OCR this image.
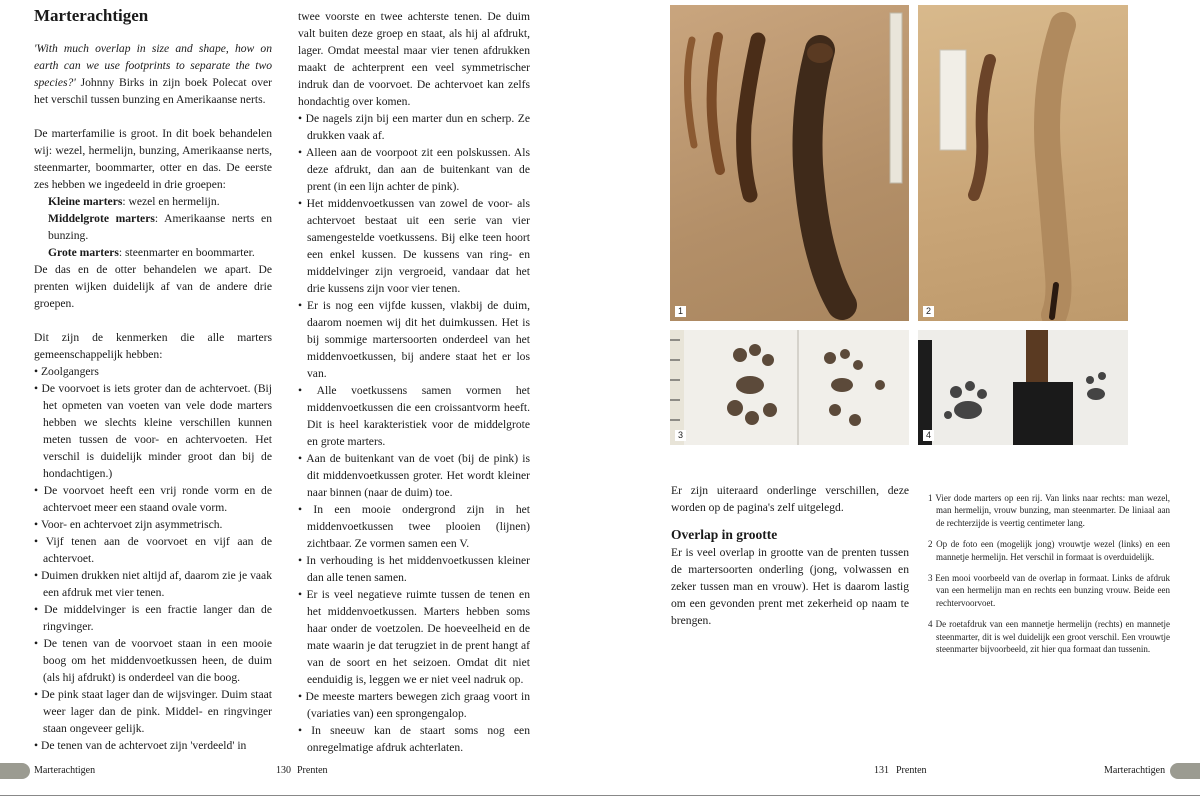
Marterachtigen

'With much overlap in size and shape, how on earth can we use footprints to separate the two species?' Johnny Birks in zijn boek Polecat over het verschil tussen bunzing en Amerikaanse nerts.

De marterfamilie is groot. In dit boek behandelen wij: wezel, hermelijn, bunzing, Amerikaanse nerts, steenmarter, boommarter, otter en das. De eerste zes hebben we ingedeeld in drie groepen:

Kleine marters: wezel en hermelijn.

Middelgrote marters: Amerikaanse nerts en bunzing.

Grote marters: steenmarter en boommarter.

De das en de otter behandelen we apart. De prenten wijken duidelijk af van de andere drie groepen.

Dit zijn de kenmerken die alle marters gemeenschappelijk hebben:

• Zoolgangers

• De voorvoet is iets groter dan de achtervoet. (Bij het opmeten van voeten van vele dode marters hebben we slechts kleine verschillen kunnen meten tussen de voor- en achtervoeten. Het verschil is duidelijk minder groot dan bij de hondachtigen.)

• De voorvoet heeft een vrij ronde vorm en de achtervoet meer een staand ovale vorm.

• Voor- en achtervoet zijn asymmetrisch.

• Vijf tenen aan de voorvoet en vijf aan de achtervoet.

• Duimen drukken niet altijd af, daarom zie je vaak een afdruk met vier tenen.

• De middelvinger is een fractie langer dan de ringvinger.

• De tenen van de voorvoet staan in een mooie boog om het middenvoetkussen heen, de duim (als hij afdrukt) is onderdeel van die boog.

• De pink staat lager dan de wijsvinger. Duim staat weer lager dan de pink. Middel- en ringvinger staan ongeveer gelijk.

• De tenen van de achtervoet zijn 'verdeeld' in

twee voorste en twee achterste tenen. De duim valt buiten deze groep en staat, als hij al afdrukt, lager. Omdat meestal maar vier tenen afdrukken maakt de achterprent een veel symmetrischer indruk dan de voorvoet. De achtervoet kan zelfs hondachtig over komen.

• De nagels zijn bij een marter dun en scherp. Ze drukken vaak af.

• Alleen aan de voorpoot zit een polskussen. Als deze afdrukt, dan aan de buitenkant van de prent (in een lijn achter de pink).

• Het middenvoetkussen van zowel de voor- als achtervoet bestaat uit een serie van vier samengestelde voetkussens. Bij elke teen hoort een enkel kussen. De kussens van ring- en middelvinger zijn vergroeid, vandaar dat het drie kussens zijn voor vier tenen.

• Er is nog een vijfde kussen, vlakbij de duim, daarom noemen wij dit het duimkussen. Het is bij sommige martersoorten onderdeel van het middenvoetkussen, bij andere staat het er los van.

• Alle voetkussens samen vormen het middenvoetkussen die een croissantvorm heeft. Dit is heel karakteristiek voor de middelgrote en grote marters.

• Aan de buitenkant van de voet (bij de pink) is dit middenvoetkussen groter. Het wordt kleiner naar binnen (naar de duim) toe.

• In een mooie ondergrond zijn in het middenvoetkussen twee plooien (lijnen) zichtbaar. Ze vormen samen een V.

• In verhouding is het middenvoetkussen kleiner dan alle tenen samen.

• Er is veel negatieve ruimte tussen de tenen en het middenvoetkussen. Marters hebben soms haar onder de voetzolen. De hoeveelheid en de mate waarin je dat terugziet in de prent hangt af van de soort en het seizoen. Omdat dit niet eenduidig is, leggen we er niet veel nadruk op.

• De meeste marters bewegen zich graag voort in (variaties van) een sprongengalop.

• In sneeuw kan de staart soms nog een onregelmatige afdruk achterlaten.

Marterachtigen	130 Prenten
1	2
3	4

Er zijn uiteraard onderlinge verschillen, deze worden op de pagina's zelf uitgelegd.

Overlap in grootte

Er is veel overlap in grootte van de prenten tussen de martersoorten onderling (jong, volwassen en zeker tussen man en vrouw). Het is daarom lastig om een gevonden prent met zekerheid op naam te brengen.

1 Vier dode marters op een rij. Van links naar rechts: man wezel, man hermelijn, vrouw bunzing, man steenmarter. De liniaal aan de rechterzijde is veertig centimeter lang.

2 Op de foto een (mogelijk jong) vrouwtje wezel (links) en een mannetje hermelijn. Het verschil in formaat is overduidelijk.

3 Een mooi voorbeeld van de overlap in formaat. Links de afdruk van een hermelijn man en rechts een bunzing vrouw. Beide een rechtervoorvoet.

4 De roetafdruk van een mannetje hermelijn (rechts) en mannetje steenmarter, dit is wel duidelijk een groot verschil. Een vrouwtje steenmarter bijvoorbeeld, zit hier qua formaat dan tussenin.

131 Prenten	Marterachtigen
